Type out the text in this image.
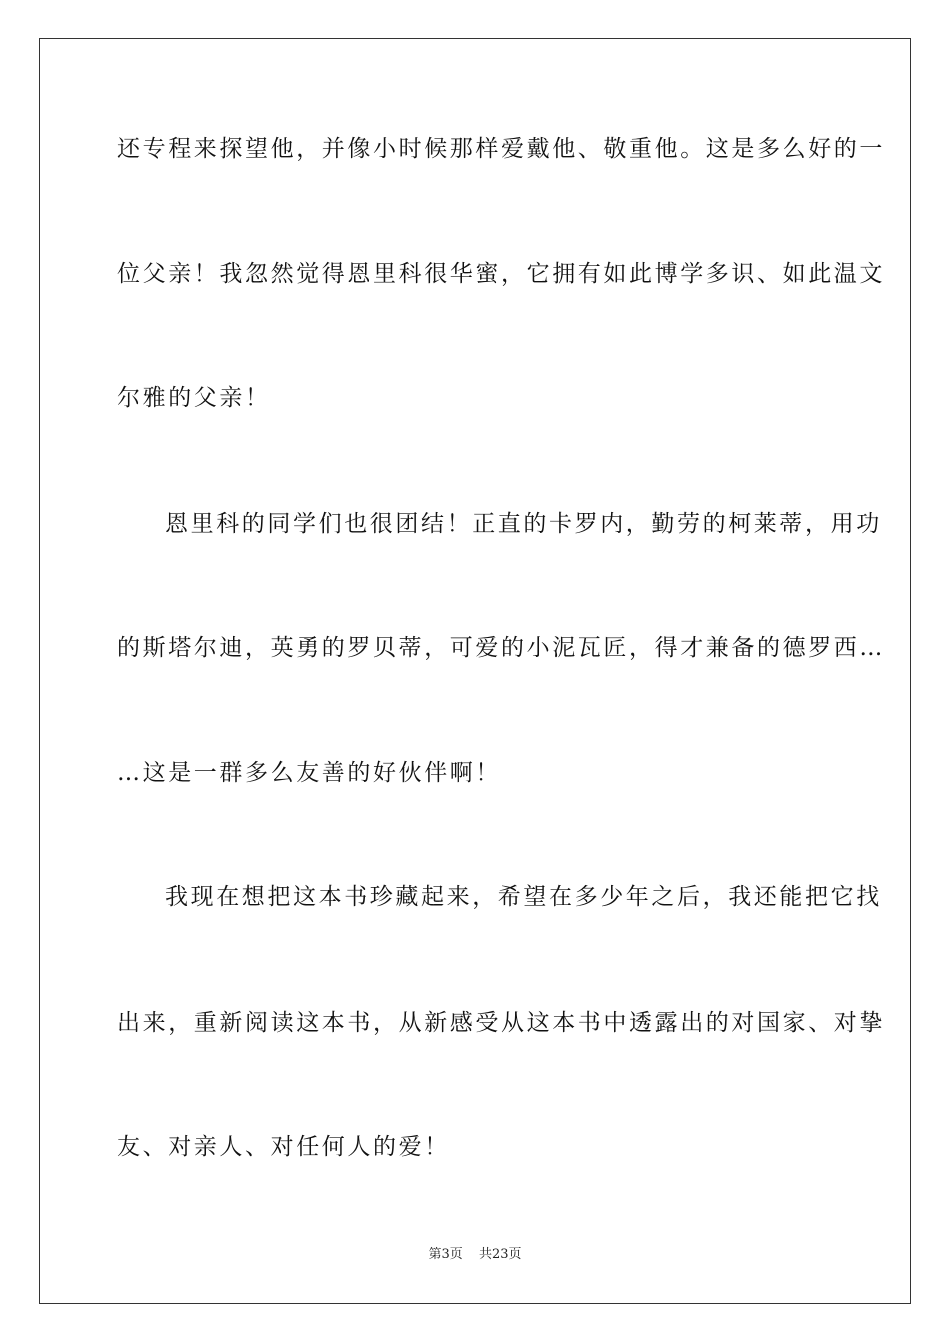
还专程来探望他，并像小时候那样爱戴他、敬重他。这是多么好的一
位父亲！我忽然觉得恩里科很华蜜，它拥有如此博学多识、如此温文
尔雅的父亲！
恩里科的同学们也很团结！正直的卡罗内，勤劳的柯莱蒂，用功
的斯塔尔迪，英勇的罗贝蒂，可爱的小泥瓦匠，得才兼备的德罗西…
…这是一群多么友善的好伙伴啊！
我现在想把这本书珍藏起来，希望在多少年之后，我还能把它找
出来，重新阅读这本书，从新感受从这本书中透露出的对国家、对挚
友、对亲人、对任何人的爱！
第3页 共23页
